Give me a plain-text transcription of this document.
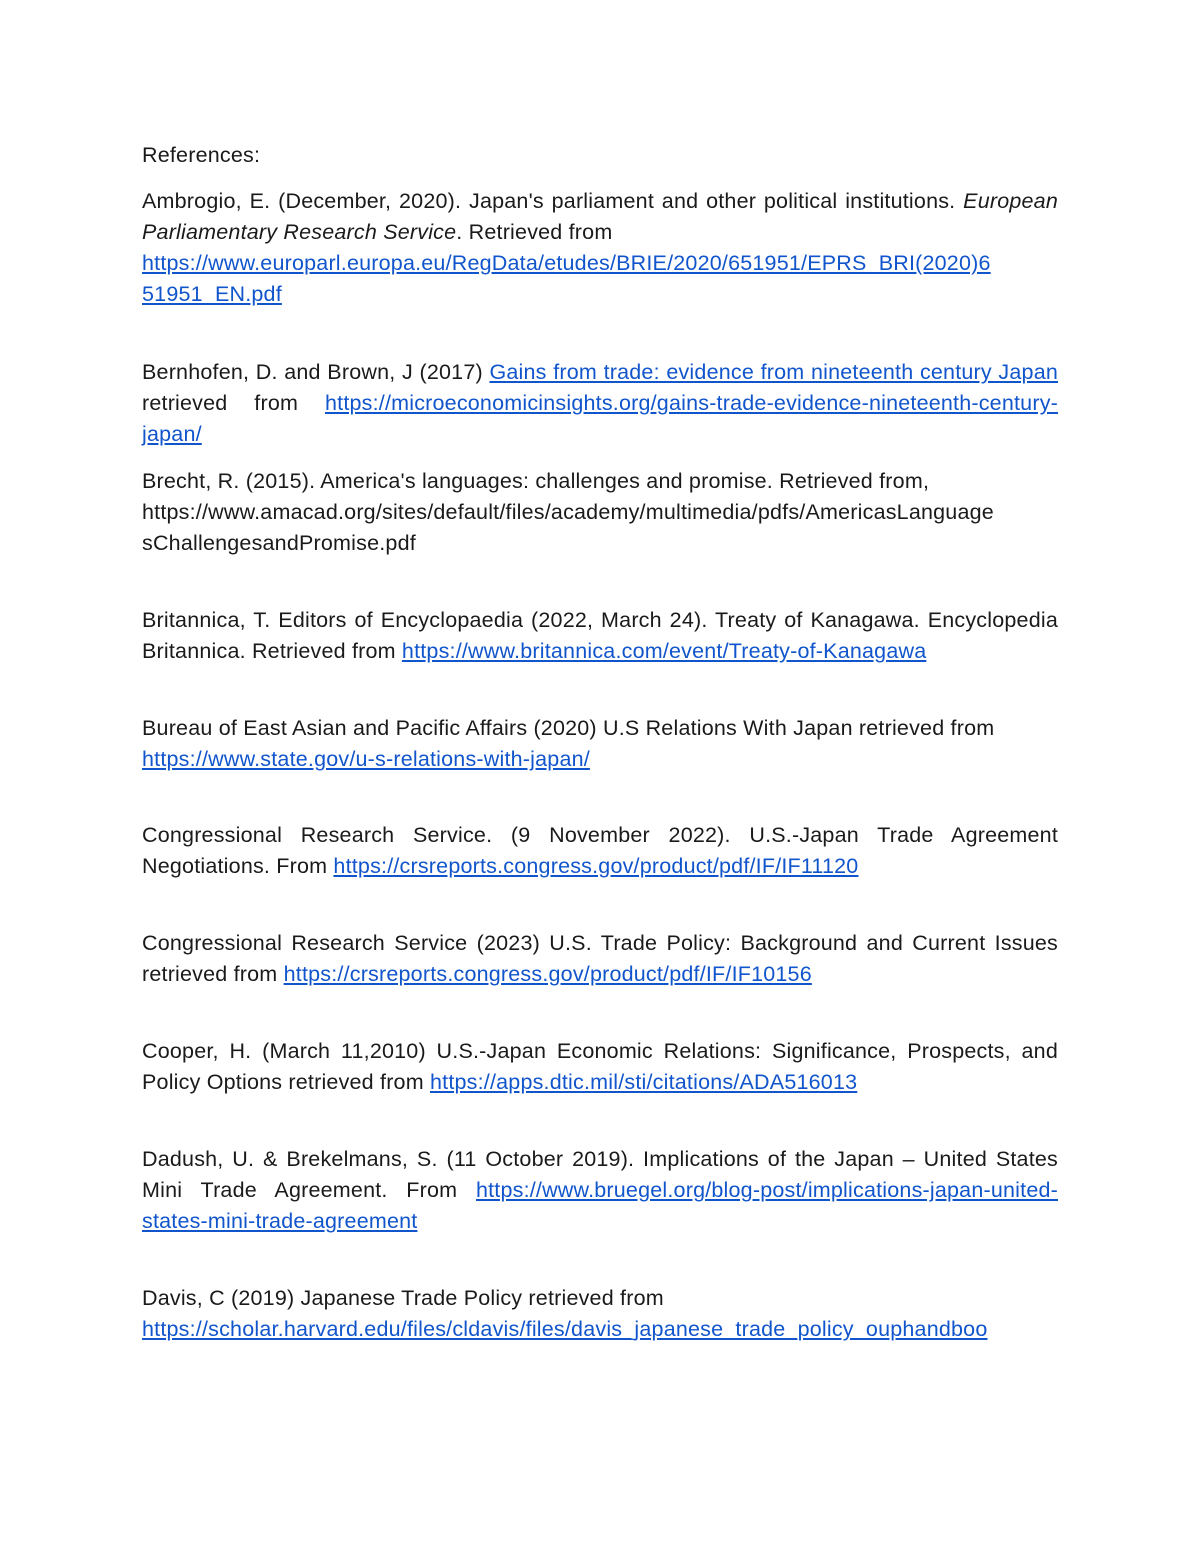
References:

Ambrogio, E. (December, 2020). Japan's parliament and other political institutions. European Parliamentary Research Service. Retrieved from
https://www.europarl.europa.eu/RegData/etudes/BRIE/2020/651951/EPRS_BRI(2020)6
51951_EN.pdf

Bernhofen, D. and Brown, J (2017) Gains from trade: evidence from nineteenth century Japan retrieved from https://microeconomicinsights.org/gains-trade-evidence-nineteenth-century-japan/

Brecht, R. (2015). America's languages: challenges and promise. Retrieved from,
https://www.amacad.org/sites/default/files/academy/multimedia/pdfs/AmericasLanguage
sChallengesandPromise.pdf

Britannica, T. Editors of Encyclopaedia (2022, March 24). Treaty of Kanagawa. Encyclopedia Britannica. Retrieved from https://www.britannica.com/event/Treaty-of-Kanagawa

Bureau of East Asian and Pacific Affairs (2020) U.S Relations With Japan retrieved from
https://www.state.gov/u-s-relations-with-japan/

Congressional Research Service. (9 November 2022). U.S.-Japan Trade Agreement Negotiations. From https://crsreports.congress.gov/product/pdf/IF/IF11120

Congressional Research Service (2023) U.S. Trade Policy: Background and Current Issues retrieved from https://crsreports.congress.gov/product/pdf/IF/IF10156

Cooper, H. (March 11,2010) U.S.-Japan Economic Relations: Significance, Prospects, and Policy Options retrieved from https://apps.dtic.mil/sti/citations/ADA516013

Dadush, U. & Brekelmans, S. (11 October 2019). Implications of the Japan – United States Mini Trade Agreement. From https://www.bruegel.org/blog-post/implications-japan-united-states-mini-trade-agreement

Davis, C (2019) Japanese Trade Policy retrieved from
https://scholar.harvard.edu/files/cldavis/files/davis_japanese_trade_policy_ouphandboo
